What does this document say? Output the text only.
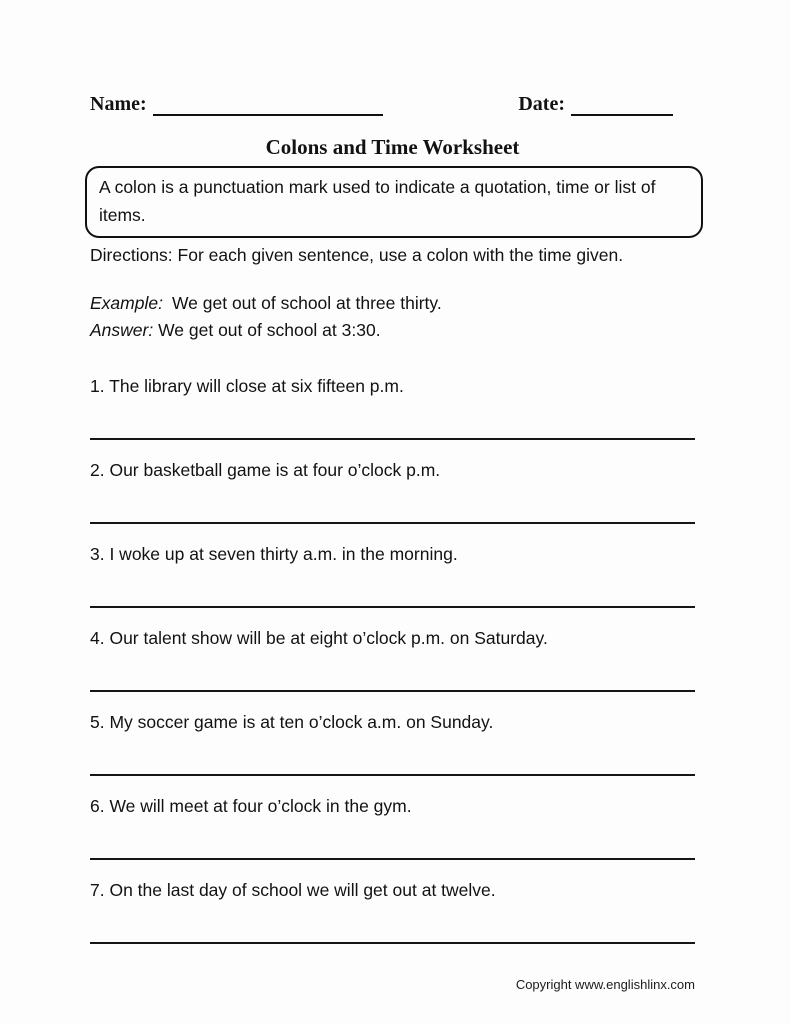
Name:	Date:
Colons and Time Worksheet
A colon is a punctuation mark used to indicate a quotation, time or list of items.
Directions: For each given sentence, use a colon with the time given.
Example: We get out of school at three thirty.
Answer: We get out of school at 3:30.

1. The library will close at six fifteen p.m.

2. Our basketball game is at four o’clock p.m.

3. I woke up at seven thirty a.m. in the morning.

4. Our talent show will be at eight o’clock p.m. on Saturday.

5. My soccer game is at ten o’clock a.m. on Sunday.

6. We will meet at four o’clock in the gym.

7. On the last day of school we will get out at twelve.

Copyright www.englishlinx.com
